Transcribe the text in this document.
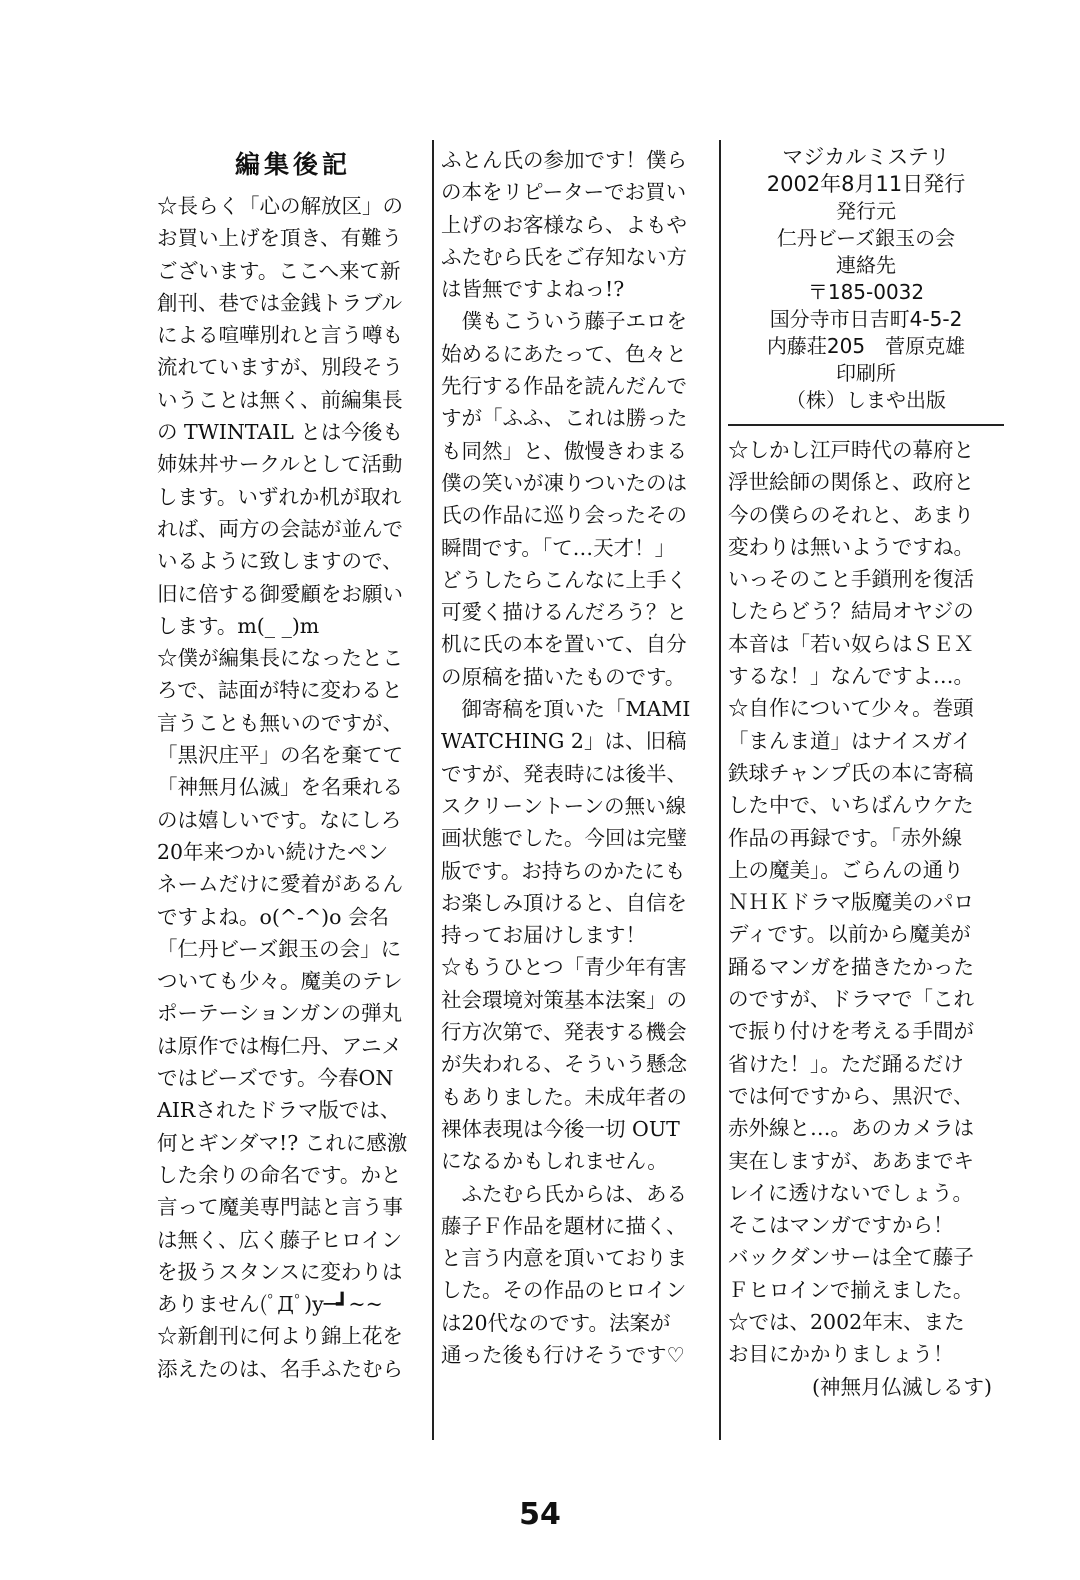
編集後記
☆長らく「心の解放区」の
お買い上げを頂き、有難う
ございます。ここへ来て新
創刊、巷では金銭トラブル
による喧嘩別れと言う噂も
流れていますが、別段そう
いうことは無く、前編集長
の TWINTAIL とは今後も
姉妹丼サークルとして活動
します。いずれか机が取れ
れば、両方の会誌が並んで
いるように致しますので、
旧に倍する御愛顧をお願い
します。m(_ _)m
☆僕が編集長になったとこ
ろで、誌面が特に変わると
言うことも無いのですが、
「黒沢庄平」の名を棄てて
「神無月仏滅」を名乗れる
のは嬉しいです。なにしろ
20年来つかい続けたペン
ネームだけに愛着があるん
ですよね。o(^-^)o 会名
「仁丹ビーズ銀玉の会」に
ついても少々。魔美のテレ
ポーテーションガンの弾丸
は原作では梅仁丹、アニメ
ではビーズです。今春ON
AIRされたドラマ版では、
何とギンダマ!? これに感激
した余りの命名です。かと
言って魔美専門誌と言う事
は無く、広く藤子ヒロイン
を扱うスタンスに変わりは
ありません(ﾟДﾟ)y─┛~~
☆新創刊に何より錦上花を
添えたのは、名手ふたむら
ふとん氏の参加です！僕ら
の本をリピーターでお買い
上げのお客様なら、よもや
ふたむら氏をご存知ない方
は皆無ですよねっ!?
　僕もこういう藤子エロを
始めるにあたって、色々と
先行する作品を読んだんで
すが「ふふ、これは勝った
も同然」と、傲慢きわまる
僕の笑いが凍りついたのは
氏の作品に巡り会ったその
瞬間です。「て…天才！」
どうしたらこんなに上手く
可愛く描けるんだろう？と
机に氏の本を置いて、自分
の原稿を描いたものです。
　御寄稿を頂いた「MAMI
WATCHING 2」は、旧稿
ですが、発表時には後半、
スクリーントーンの無い線
画状態でした。今回は完璧
版です。お持ちのかたにも
お楽しみ頂けると、自信を
持ってお届けします！
☆もうひとつ「青少年有害
社会環境対策基本法案」の
行方次第で、発表する機会
が失われる、そういう懸念
もありました。未成年者の
裸体表現は今後一切 OUT
になるかもしれません。
　ふたむら氏からは、ある
藤子Ｆ作品を題材に描く、
と言う内意を頂いておりま
した。その作品のヒロイン
は20代なのです。法案が
通った後も行けそうです♡
マジカルミステリ
2002年8月11日発行
発行元
仁丹ビーズ銀玉の会
連絡先
〒185-0032
国分寺市日吉町4-5-2
内藤荘205　菅原克雄
印刷所
（株）しまや出版
☆しかし江戸時代の幕府と
浮世絵師の関係と、政府と
今の僕らのそれと、あまり
変わりは無いようですね。
いっそのこと手鎖刑を復活
したらどう？結局オヤジの
本音は「若い奴らはＳＥＸ
するな！」なんですよ…。
☆自作について少々。巻頭
「まんま道」はナイスガイ
鉄球チャンプ氏の本に寄稿
した中で、いちばんウケた
作品の再録です。「赤外線
上の魔美」。ごらんの通り
ＮＨＫドラマ版魔美のパロ
ディです。以前から魔美が
踊るマンガを描きたかった
のですが、ドラマで「これ
で振り付けを考える手間が
省けた！」。ただ踊るだけ
では何ですから、黒沢で、
赤外線と…。あのカメラは
実在しますが、ああまでキ
レイに透けないでしょう。
そこはマンガですから！
バックダンサーは全て藤子
Ｆヒロインで揃えました。
☆では、2002年末、また
お目にかかりましょう！
(神無月仏滅しるす)
54
